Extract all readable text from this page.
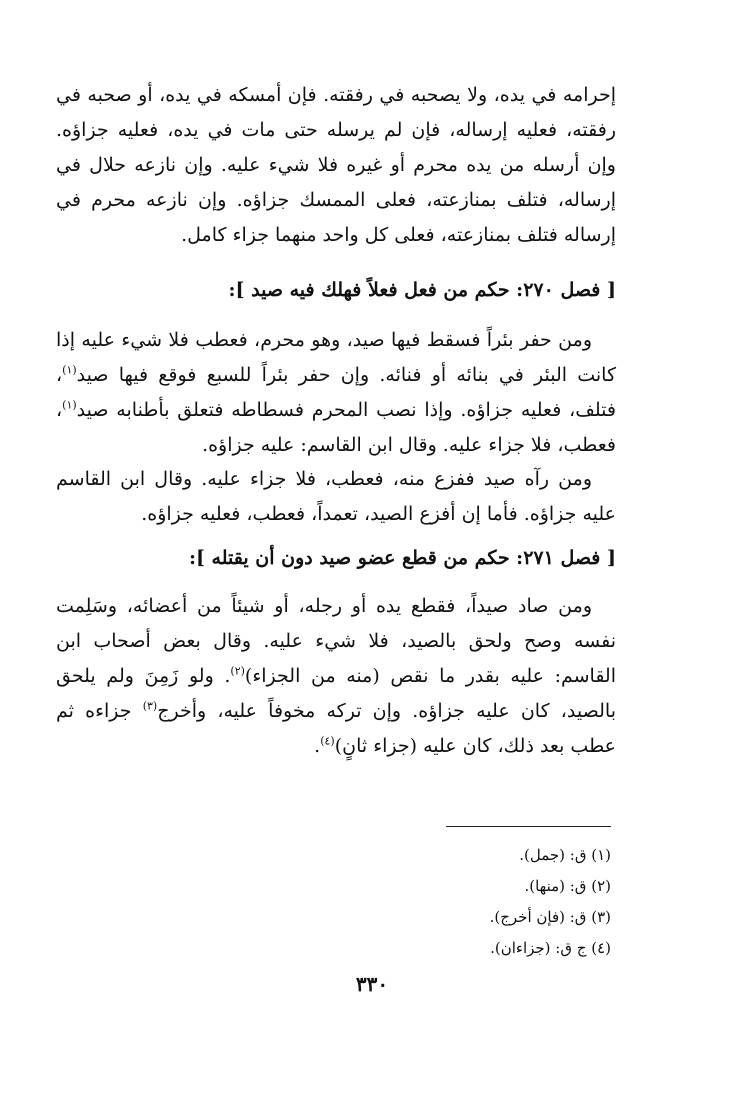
إحرامه في يده، ولا يصحبه في رفقته. فإن أمسكه في يده، أو صحبه في رفقته، فعليه إرساله، فإن لم يرسله حتى مات في يده، فعليه جزاؤه. وإن أرسله من يده محرم أو غيره فلا شيء عليه. وإن نازعه حلال في إرساله، فتلف بمنازعته، فعلى الممسك جزاؤه. وإن نازعه محرم في إرساله فتلف بمنازعته، فعلى كل واحد منهما جزاء كامل.
[ فصل ٢٧٠: حكم من فعل فعلاً فهلك فيه صيد ]:
ومن حفر بئراً فسقط فيها صيد، وهو محرم، فعطب فلا شيء عليه إذا كانت البئر في بنائه أو فنائه. وإن حفر بئراً للسبع فوقع فيها صيد$^{(١)}$، فتلف، فعليه جزاؤه. وإذا نصب المحرم فسطاطه فتعلق بأطنابه صيد$^{(١)}$، فعطب، فلا جزاء عليه. وقال ابن القاسم: عليه جزاؤه.
ومن رآه صيد ففزع منه، فعطب، فلا جزاء عليه. وقال ابن القاسم عليه جزاؤه. فأما إن أفزع الصيد، تعمداً، فعطب، فعليه جزاؤه.
[ فصل ٢٧١: حكم من قطع عضو صيد دون أن يقتله ]:
ومن صاد صيداً، فقطع يده أو رجله، أو شيئاً من أعضائه، وسَلِمت نفسه وصح ولحق بالصيد، فلا شيء عليه. وقال بعض أصحاب ابن القاسم: عليه بقدر ما نقص (منه من الجزاء)$^{(٢)}$. ولو زَمِنَ ولم يلحق بالصيد، كان عليه جزاؤه. وإن تركه مخوفاً عليه، وأخرج$^{(٣)}$ جزاءه ثم عطب بعد ذلك، كان عليه (جزاء ثانٍ)$^{(٤)}$.
(١) ق: (جمل).
(٢) ق: (منها).
(٣) ق: (فإن أخرج).
(٤) ج ق: (جزاءان).
٣٣٠
